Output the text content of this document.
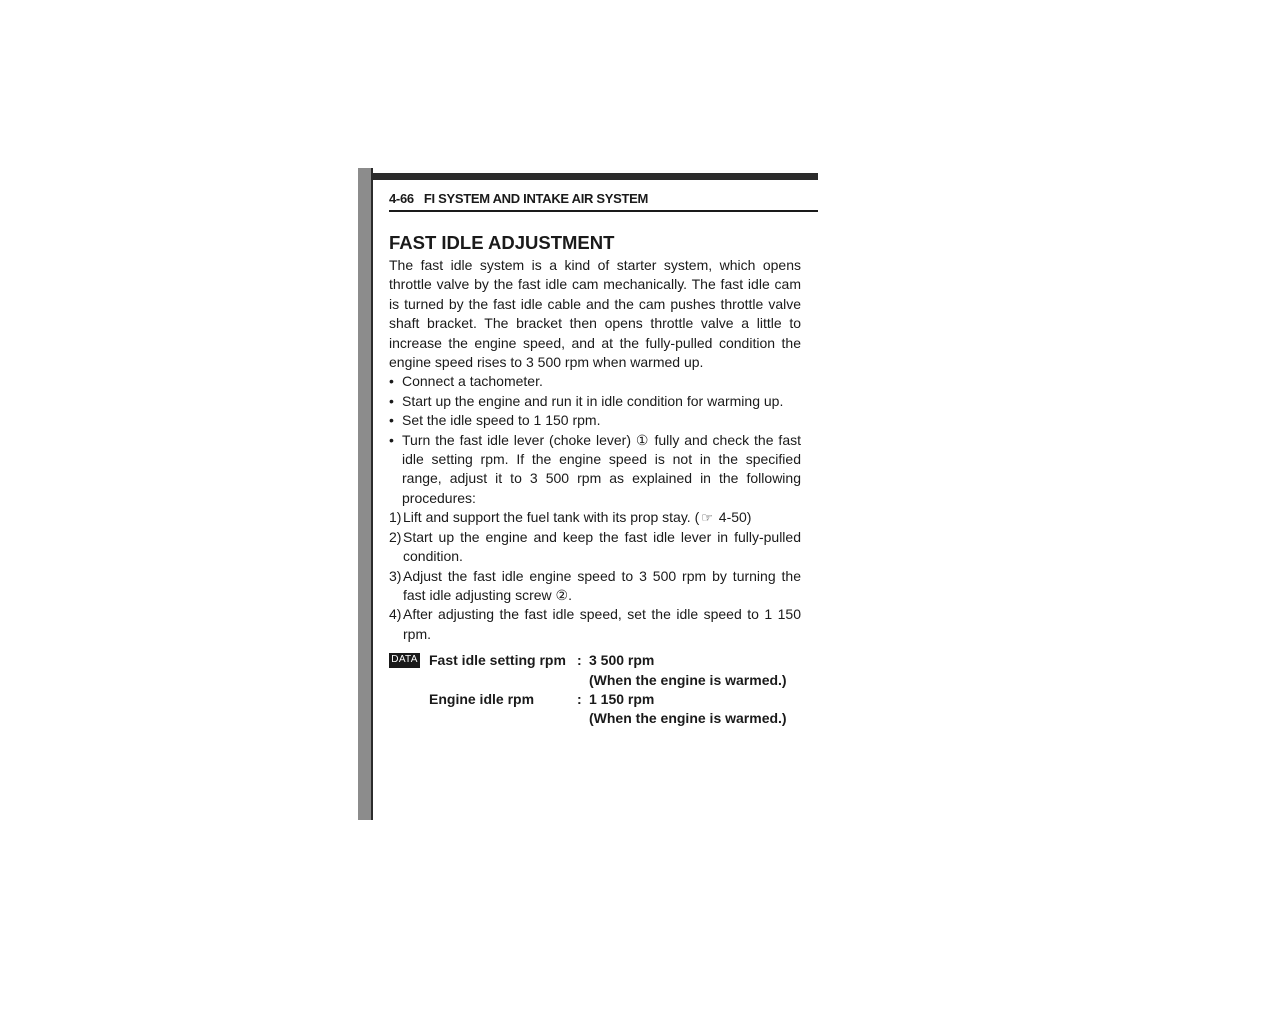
4-66 FI SYSTEM AND INTAKE AIR SYSTEM
FAST IDLE ADJUSTMENT

The fast idle system is a kind of starter system, which opens throttle valve by the fast idle cam mechanically. The fast idle cam is turned by the fast idle cable and the cam pushes throttle valve shaft bracket. The bracket then opens throttle valve a little to increase the engine speed, and at the fully-pulled condition the engine speed rises to 3 500 rpm when warmed up.

• Connect a tachometer.
• Start up the engine and run it in idle condition for warming up.
• Set the idle speed to 1 150 rpm.
• Turn the fast idle lever (choke lever) ① fully and check the fast idle setting rpm. If the engine speed is not in the specified range, adjust it to 3 500 rpm as explained in the following procedures:
1) Lift and support the fuel tank with its prop stay. ( ☞ 4-50)
2) Start up the engine and keep the fast idle lever in fully-pulled condition.
3) Adjust the fast idle engine speed to 3 500 rpm by turning the fast idle adjusting screw ②.
4) After adjusting the fast idle speed, set the idle speed to 1 150 rpm.
DATA Fast idle setting rpm : 3 500 rpm
(When the engine is warmed.)
Engine idle rpm	: 1 150 rpm
(When the engine is warmed.)
